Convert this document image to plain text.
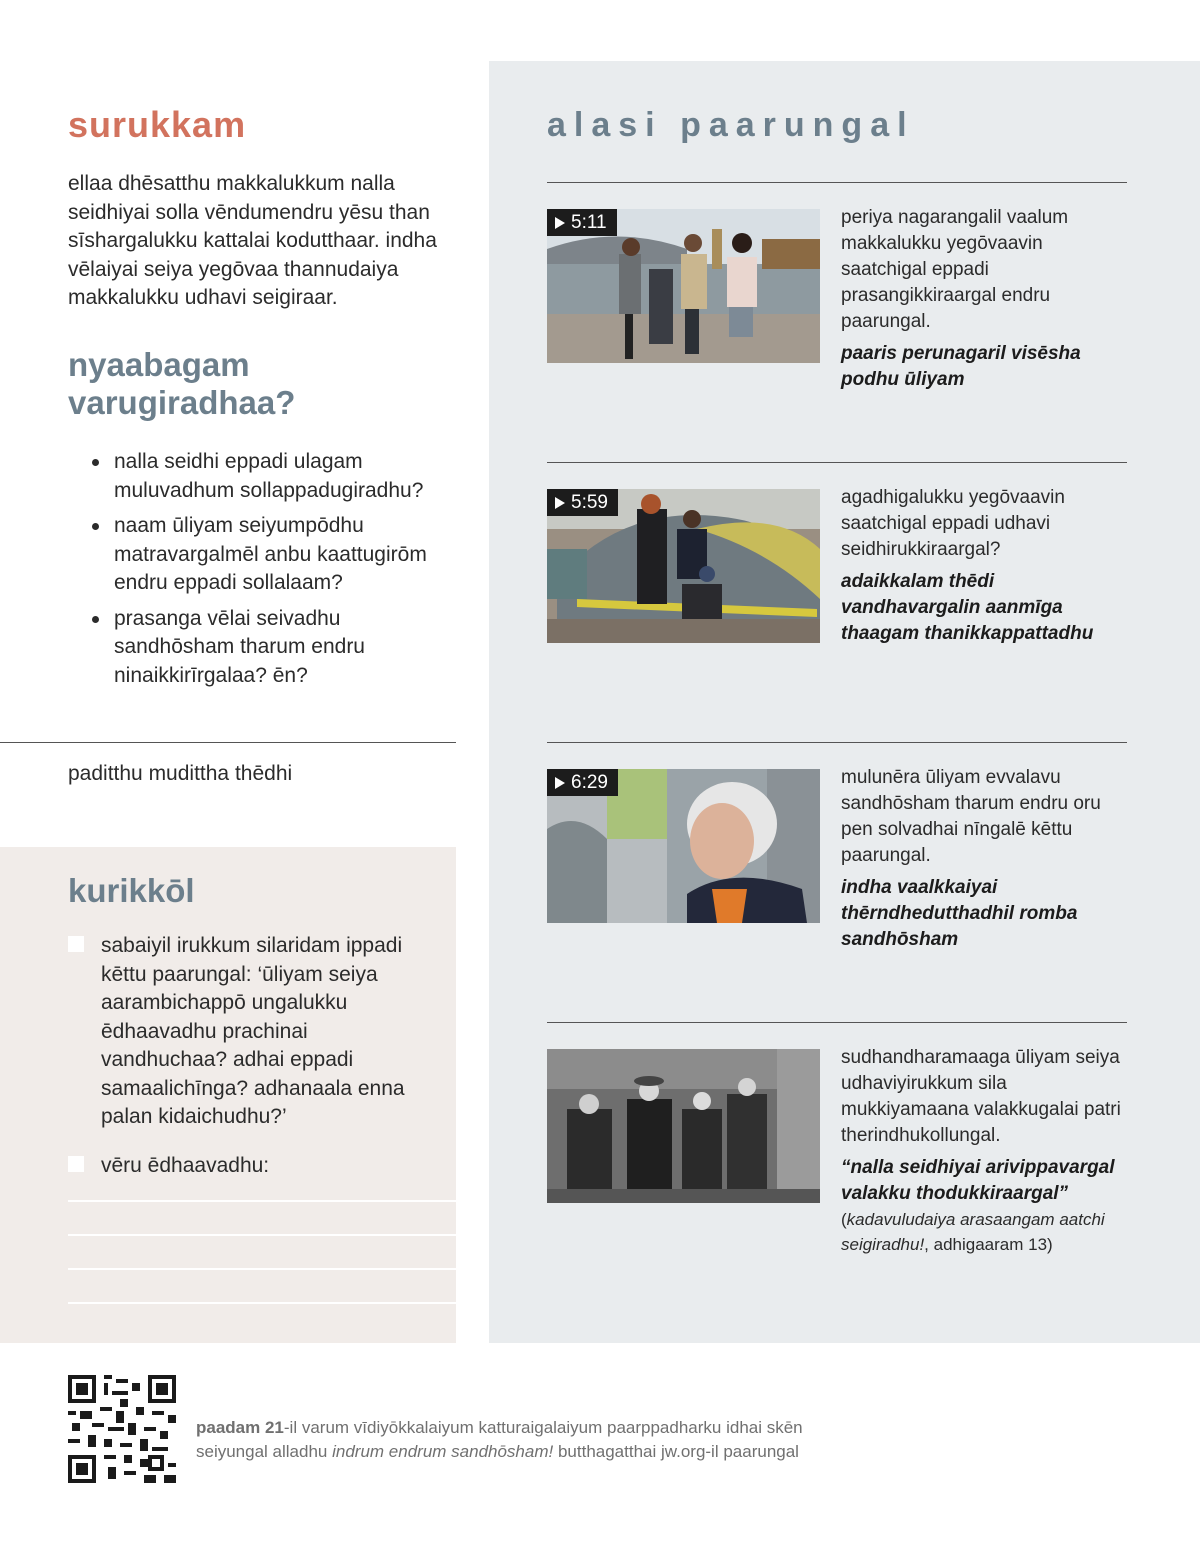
surukkam

ellaa dhēsatthu makkalukkum nalla seidhiyai solla vēndumendru yēsu than sīshargalukku kattalai kodutthaar. indha vēlaiyai seiya yegōvaa thannudaiya makkalukku udhavi seigiraar.

nyaabagam
varugiradhaa?
nalla seidhi eppadi ulagam muluvadhum sollappadugiradhu?
naam ūliyam seiyumpōdhu matravargalmēl anbu kaattugirōm endru eppadi sollalaam?
prasanga vēlai seivadhu sandhōsham tharum endru ninaikkirīrgalaa? ēn?
paditthu mudittha thēdhi
kurikkōl
sabaiyil irukkum silaridam ippadi kēttu paarungal: ‘ūliyam seiya aarambichappō ungalukku ēdhaavadhu prachinai vandhuchaa? adhai eppadi samaalichīnga? adhanaala enna palan kidaichudhu?’
vēru ēdhaavadhu:
alasi paarungal
5:11	periya nagarangalil vaalum makkalukku yegōvaavin saatchigal eppadi prasangikkiraargal endru paarungal.

paaris perunagaril visēsha podhu ūliyam

5:59	agadhigalukku yegōvaavin saatchigal eppadi udhavi seidhirukkiraargal?

adaikkalam thēdi vandhavargalin aanmīga thaagam thanikkappattadhu

6:29	mulunēra ūliyam evvalavu sandhōsham tharum endru oru pen solvadhai nīngalē kēttu paarungal.

indha vaalkkaiyai thērndhedutthadhil romba sandhōsham

sudhandharamaaga ūliyam seiya udhaviyirukkum sila mukkiyamaana valakkugalai patri therindhukollungal.

“nalla seidhiyai arivippavargal valakku thodukkiraargal”

(kadavuludaiya arasaangam aatchi seigiradhu!, adhigaaram 13)

paadam 21-il varum vīdiyōkkalaiyum katturaigalaiyum paarppadharku idhai skēn seiyungal alladhu indrum endrum sandhōsham! butthagatthai jw.org-il paarungal
